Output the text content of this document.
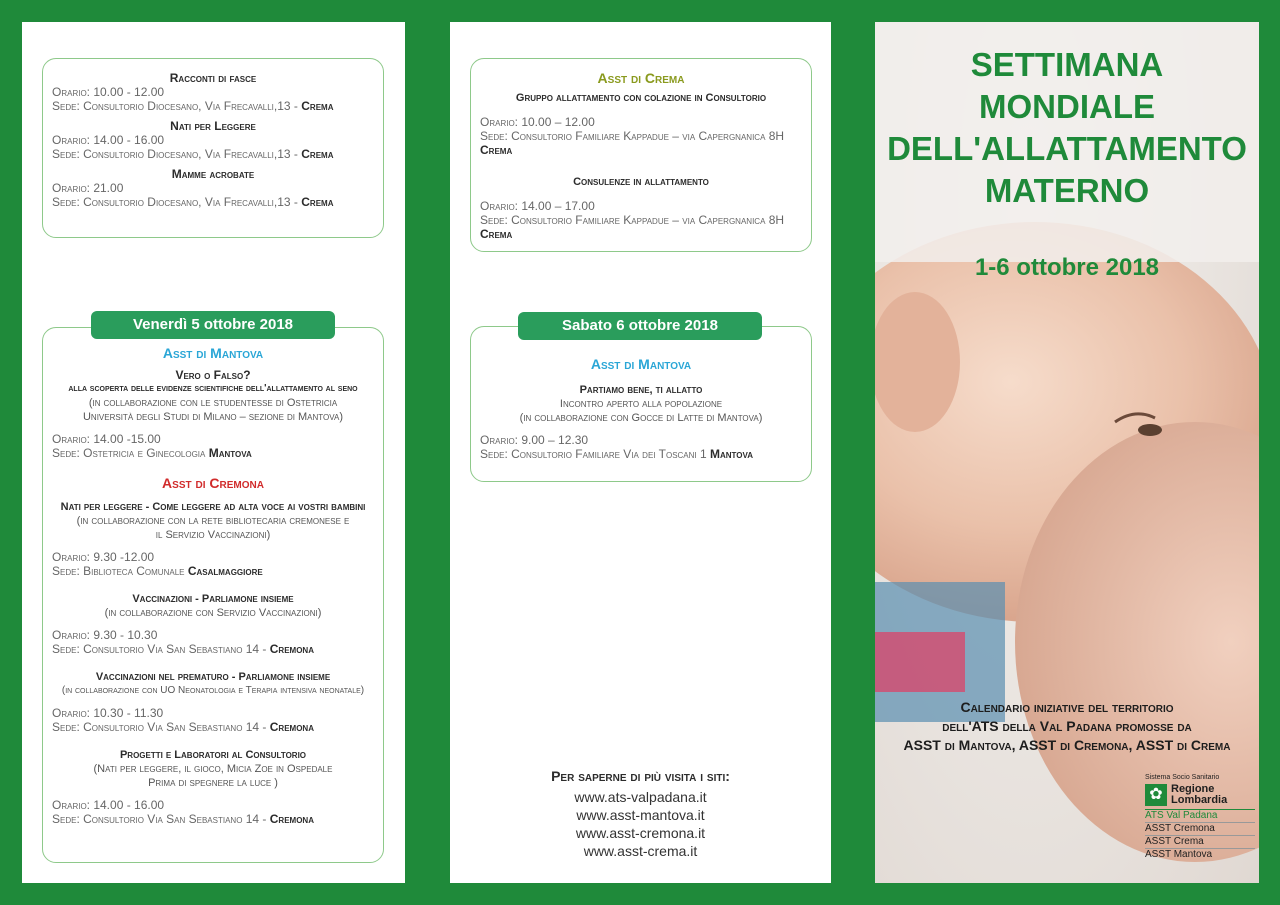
Racconti di fasce
Orario: 10.00 - 12.00
Sede: Consultorio Diocesano, Via Frecavalli,13 - Crema
Nati per Leggere
Orario: 14.00 - 16.00
Sede: Consultorio Diocesano, Via Frecavalli,13 - Crema
Mamme acrobate
Orario: 21.00
Sede: Consultorio Diocesano, Via Frecavalli,13 - Crema
Asst di Mantova
Vero o Falso?
alla scoperta delle evidenze scientifiche dell'allattamento al seno
(in collaborazione con le studentesse di Ostetricia
Università degli Studi di Milano – sezione di Mantova)
Orario: 14.00 -15.00
Sede: Ostetricia e Ginecologia Mantova
Asst di Cremona
Nati per leggere - Come leggere ad alta voce ai vostri bambini
(in collaborazione con la rete bibliotecaria cremonese e
il Servizio Vaccinazioni)
Orario: 9.30 -12.00
Sede: Biblioteca Comunale Casalmaggiore
Vaccinazioni - Parliamone insieme
(in collaborazione con Servizio Vaccinazioni)
Orario: 9.30 - 10.30
Sede: Consultorio Via San Sebastiano 14 - Cremona
Vaccinazioni nel prematuro - Parliamone insieme
(in collaborazione con UO Neonatologia e Terapia intensiva neonatale)
Orario: 10.30 - 11.30
Sede: Consultorio Via San Sebastiano 14 - Cremona
Progetti e Laboratori al Consultorio
(Nati per leggere, il gioco, Micia Zoe in Ospedale
Prima di spegnere la luce )
Orario: 14.00 - 16.00
Sede: Consultorio Via San Sebastiano 14 - Cremona
Venerdì 5 ottobre 2018
Asst di Crema
Gruppo allattamento con colazione in Consultorio
Orario: 10.00 – 12.00
Sede: Consultorio Familiare Kappadue – via Capergnanica 8H
Crema
Consulenze in allattamento
Orario: 14.00 – 17.00
Sede: Consultorio Familiare Kappadue – via Capergnanica 8H
Crema
Asst di Mantova
Partiamo bene, ti allatto
Incontro aperto alla popolazione
(in collaborazione con Gocce di Latte di Mantova)
Orario: 9.00 – 12.30
Sede: Consultorio Familiare Via dei Toscani 1 Mantova
Sabato 6 ottobre 2018
Per saperne di più visita i siti:
www.ats-valpadana.it
www.asst-mantova.it
www.asst-cremona.it
www.asst-crema.it
SETTIMANA
MONDIALE
DELL'ALLATTAMENTO
MATERNO
1-6 ottobre 2018
Calendario iniziative del territorio
dell'ATS della Val Padana promosse da
ASST di Mantova, ASST di Cremona, ASST di Crema
Sistema Socio Sanitario
✿ Regione
Lombardia
ATS Val Padana
ASST Cremona
ASST Crema
ASST Mantova
